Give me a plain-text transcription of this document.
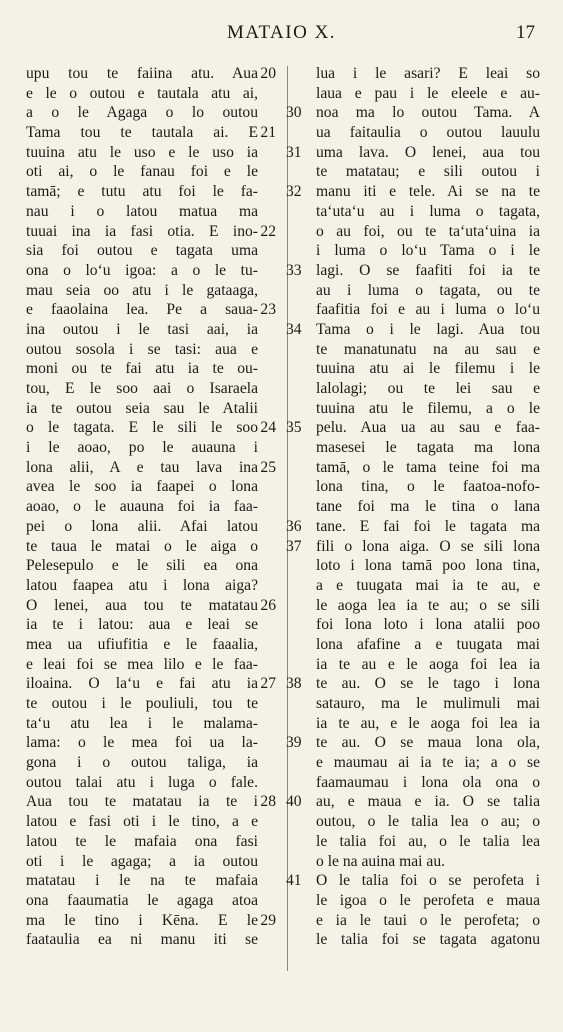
MATAIO X.	17
upu tou te faiina atu. Aua 20
e le o outou e tautala atu ai,
a o le Agaga o lo outou
Tama tou te tautala ai. E 21
tuuina atu le uso e le uso ia
oti ai, o le fanau foi e le
tamā; e tutu atu foi le fa-
nau i o latou matua ma
tuuai ina ia fasi otia. E ino- 22
sia foi outou e tagata uma
ona o lo‘u igoa: a o le tu-
mau seia oo atu i le gataaga,
e faaolaina lea. Pe a saua- 23
ina outou i le tasi aai, ia
outou sosola i se tasi: aua e
moni ou te fai atu ia te ou-
tou, E le soo aai o Isaraela
ia te outou seia sau le Atalii
o le tagata. E le sili le soo 24
i le aoao, po le auauna i
lona alii, A e tau lava ina 25
avea le soo ia faapei o lona
aoao, o le auauna foi ia faa-
pei o lona alii. Afai latou
te taua le matai o le aiga o
Pelesepulo e le sili ea ona
latou faapea atu i lona aiga?
O lenei, aua tou te matatau 26
ia te i latou: aua e leai se
mea ua ufiufitia e le faaalia,
e leai foi se mea lilo e le faa-
iloaina. O la‘u e fai atu ia 27
te outou i le pouliuli, tou te
ta‘u atu lea i le malama-
lama: o le mea foi ua la-
gona i o outou taliga, ia
outou talai atu i luga o fale.
Aua tou te matatau ia te i 28
latou e fasi oti i le tino, a e
latou te le mafaia ona fasi
oti i le agaga; a ia outou
matatau i le na te mafaia
ona faaumatia le agaga atoa
ma le tino i Kēna. E le 29
faataulia ea ni manu iti se
lua i le asari? E leai so
laua e pau i le eleele e au-
noa ma lo outou Tama. A
30
ua faitaulia o outou lauulu
uma lava. O lenei, aua tou
31
te matatau; e sili outou i
manu iti e tele. Ai se na te
32
ta‘uta‘u au i luma o tagata,
o au foi, ou te ta‘uta‘uina ia
i luma o lo‘u Tama o i le
lagi. O se faafiti foi ia te
33
au i luma o tagata, ou te
faafitia foi e au i luma o lo‘u
Tama o i le lagi. Aua tou
34
te manatunatu na au sau e
tuuina atu ai le filemu i le
lalolagi; ou te lei sau e
tuuina atu le filemu, a o le
pelu. Aua ua au sau e faa-
35
masesei le tagata ma lona
tamā, o le tama teine foi ma
lona tina, o le faatoa-nofo-
tane foi ma le tina o lana
tane. E fai foi le tagata ma
36
fili o lona aiga. O se sili lona
37
loto i lona tamā poo lona tina,
a e tuugata mai ia te au, e
le aoga lea ia te au; o se sili
foi lona loto i lona atalii poo
lona afafine a e tuugata mai
ia te au e le aoga foi lea ia
te au. O se le tago i lona
38
satauro, ma le mulimuli mai
ia te au, e le aoga foi lea ia
te au. O se maua lona ola,
39
e maumau ai ia te ia; a o se
faamaumau i lona ola ona o
au, e maua e ia. O se talia
40
outou, o le talia lea o au; o
le talia foi au, o le talia lea
o le na auina mai au.
O le talia foi o se perofeta i
41
le igoa o le perofeta e maua
e ia le taui o le perofeta; o
le talia foi se tagata agatonu
